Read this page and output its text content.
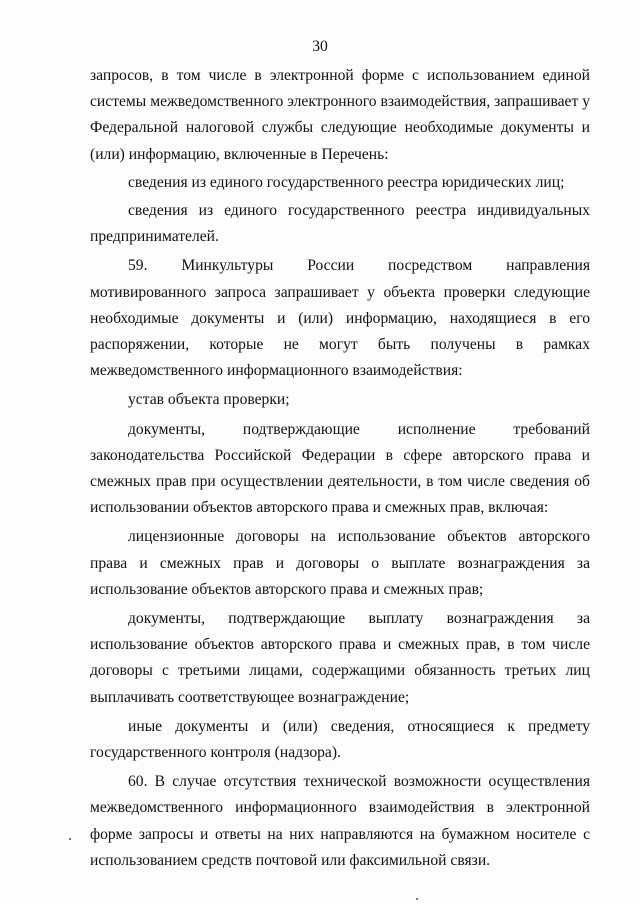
30

запросов, в том числе в электронной форме с использованием единой системы межведомственного электронного взаимодействия, запрашивает у Федеральной налоговой службы следующие необходимые документы и (или) информацию, включенные в Перечень:

сведения из единого государственного реестра юридических лиц;

сведения из единого государственного реестра индивидуальных предпринимателей.

59. Минкультуры России посредством направления мотивированного запроса запрашивает у объекта проверки следующие необходимые документы и (или) информацию, находящиеся в его распоряжении, которые не могут быть получены в рамках межведомственного информационного взаимодействия:

устав объекта проверки;

документы, подтверждающие исполнение требований законодательства Российской Федерации в сфере авторского права и смежных прав при осуществлении деятельности, в том числе сведения об использовании объектов авторского права и смежных прав, включая:

лицензионные договоры на использование объектов авторского права и смежных прав и договоры о выплате вознаграждения за использование объектов авторского права и смежных прав;

документы, подтверждающие выплату вознаграждения за использование объектов авторского права и смежных прав, в том числе договоры с третьими лицами, содержащими обязанность третьих лиц выплачивать соответствующее вознаграждение;

иные документы и (или) сведения, относящиеся к предмету государственного контроля (надзора).

60. В случае отсутствия технической возможности осуществления межведомственного информационного взаимодействия в электронной форме запросы и ответы на них направляются на бумажном носителе с использованием средств почтовой или факсимильной связи.
